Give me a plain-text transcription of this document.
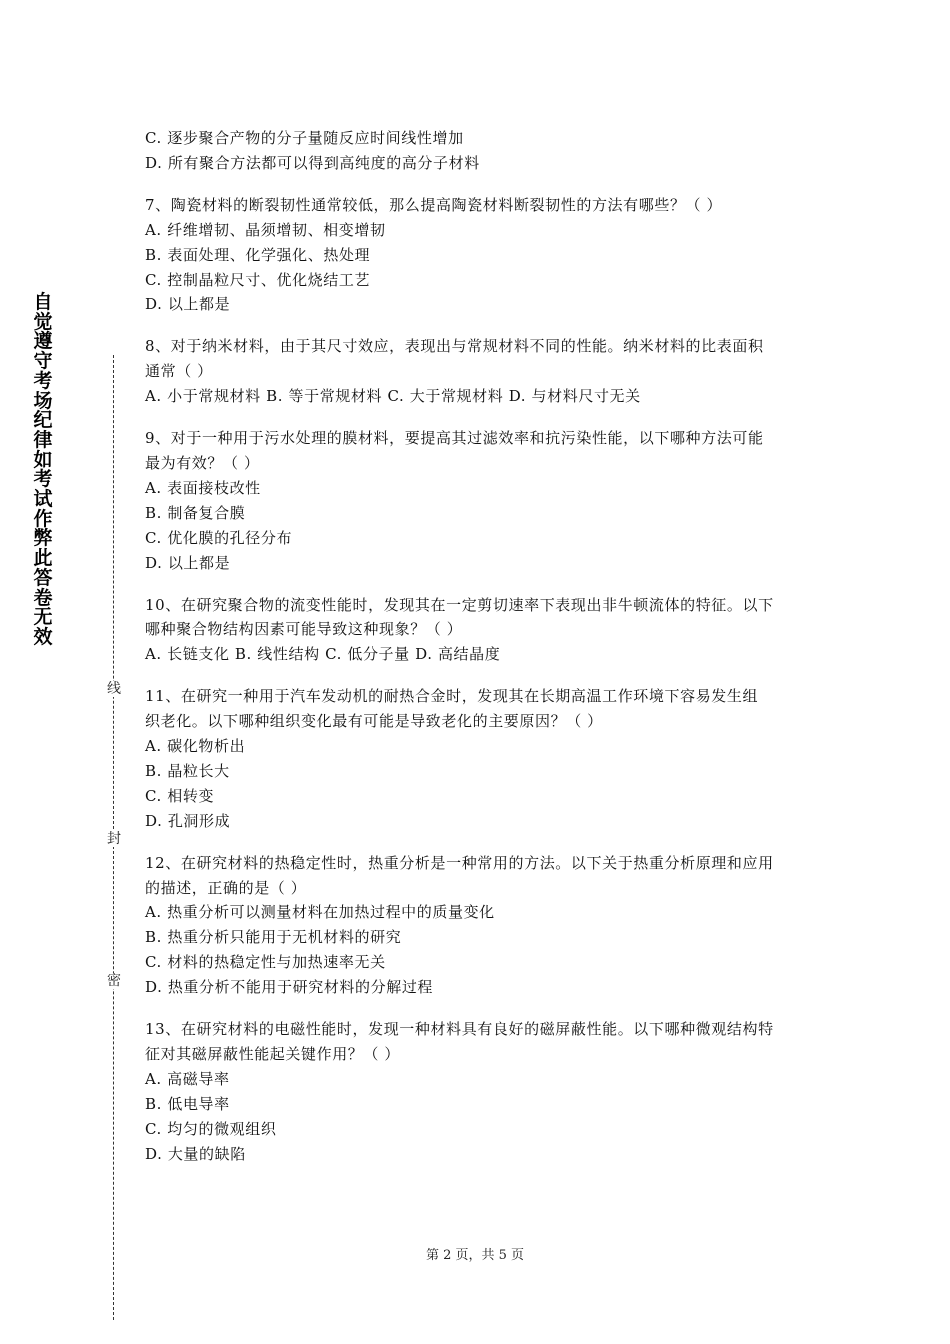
自觉遵守考场纪律如考试作弊此答卷无效
线
封
密
C. 逐步聚合产物的分子量随反应时间线性增加
D. 所有聚合方法都可以得到高纯度的高分子材料
7、陶瓷材料的断裂韧性通常较低，那么提高陶瓷材料断裂韧性的方法有哪些？（ ）
A. 纤维增韧、晶须增韧、相变增韧
B. 表面处理、化学强化、热处理
C. 控制晶粒尺寸、优化烧结工艺
D. 以上都是
8、对于纳米材料，由于其尺寸效应，表现出与常规材料不同的性能。纳米材料的比表面积
通常（ ）
A. 小于常规材料 B. 等于常规材料 C. 大于常规材料 D. 与材料尺寸无关
9、对于一种用于污水处理的膜材料，要提高其过滤效率和抗污染性能，以下哪种方法可能
最为有效？（ ）
A. 表面接枝改性
B. 制备复合膜
C. 优化膜的孔径分布
D. 以上都是
10、在研究聚合物的流变性能时，发现其在一定剪切速率下表现出非牛顿流体的特征。以下
哪种聚合物结构因素可能导致这种现象？（ ）
A. 长链支化 B. 线性结构 C. 低分子量 D. 高结晶度
11、在研究一种用于汽车发动机的耐热合金时，发现其在长期高温工作环境下容易发生组
织老化。以下哪种组织变化最有可能是导致老化的主要原因？（ ）
A. 碳化物析出
B. 晶粒长大
C. 相转变
D. 孔洞形成
12、在研究材料的热稳定性时，热重分析是一种常用的方法。以下关于热重分析原理和应用
的描述，正确的是（ ）
A. 热重分析可以测量材料在加热过程中的质量变化
B. 热重分析只能用于无机材料的研究
C. 材料的热稳定性与加热速率无关
D. 热重分析不能用于研究材料的分解过程
13、在研究材料的电磁性能时，发现一种材料具有良好的磁屏蔽性能。以下哪种微观结构特
征对其磁屏蔽性能起关键作用？（ ）
A. 高磁导率
B. 低电导率
C. 均匀的微观组织
D. 大量的缺陷
第 2 页，共 5 页
